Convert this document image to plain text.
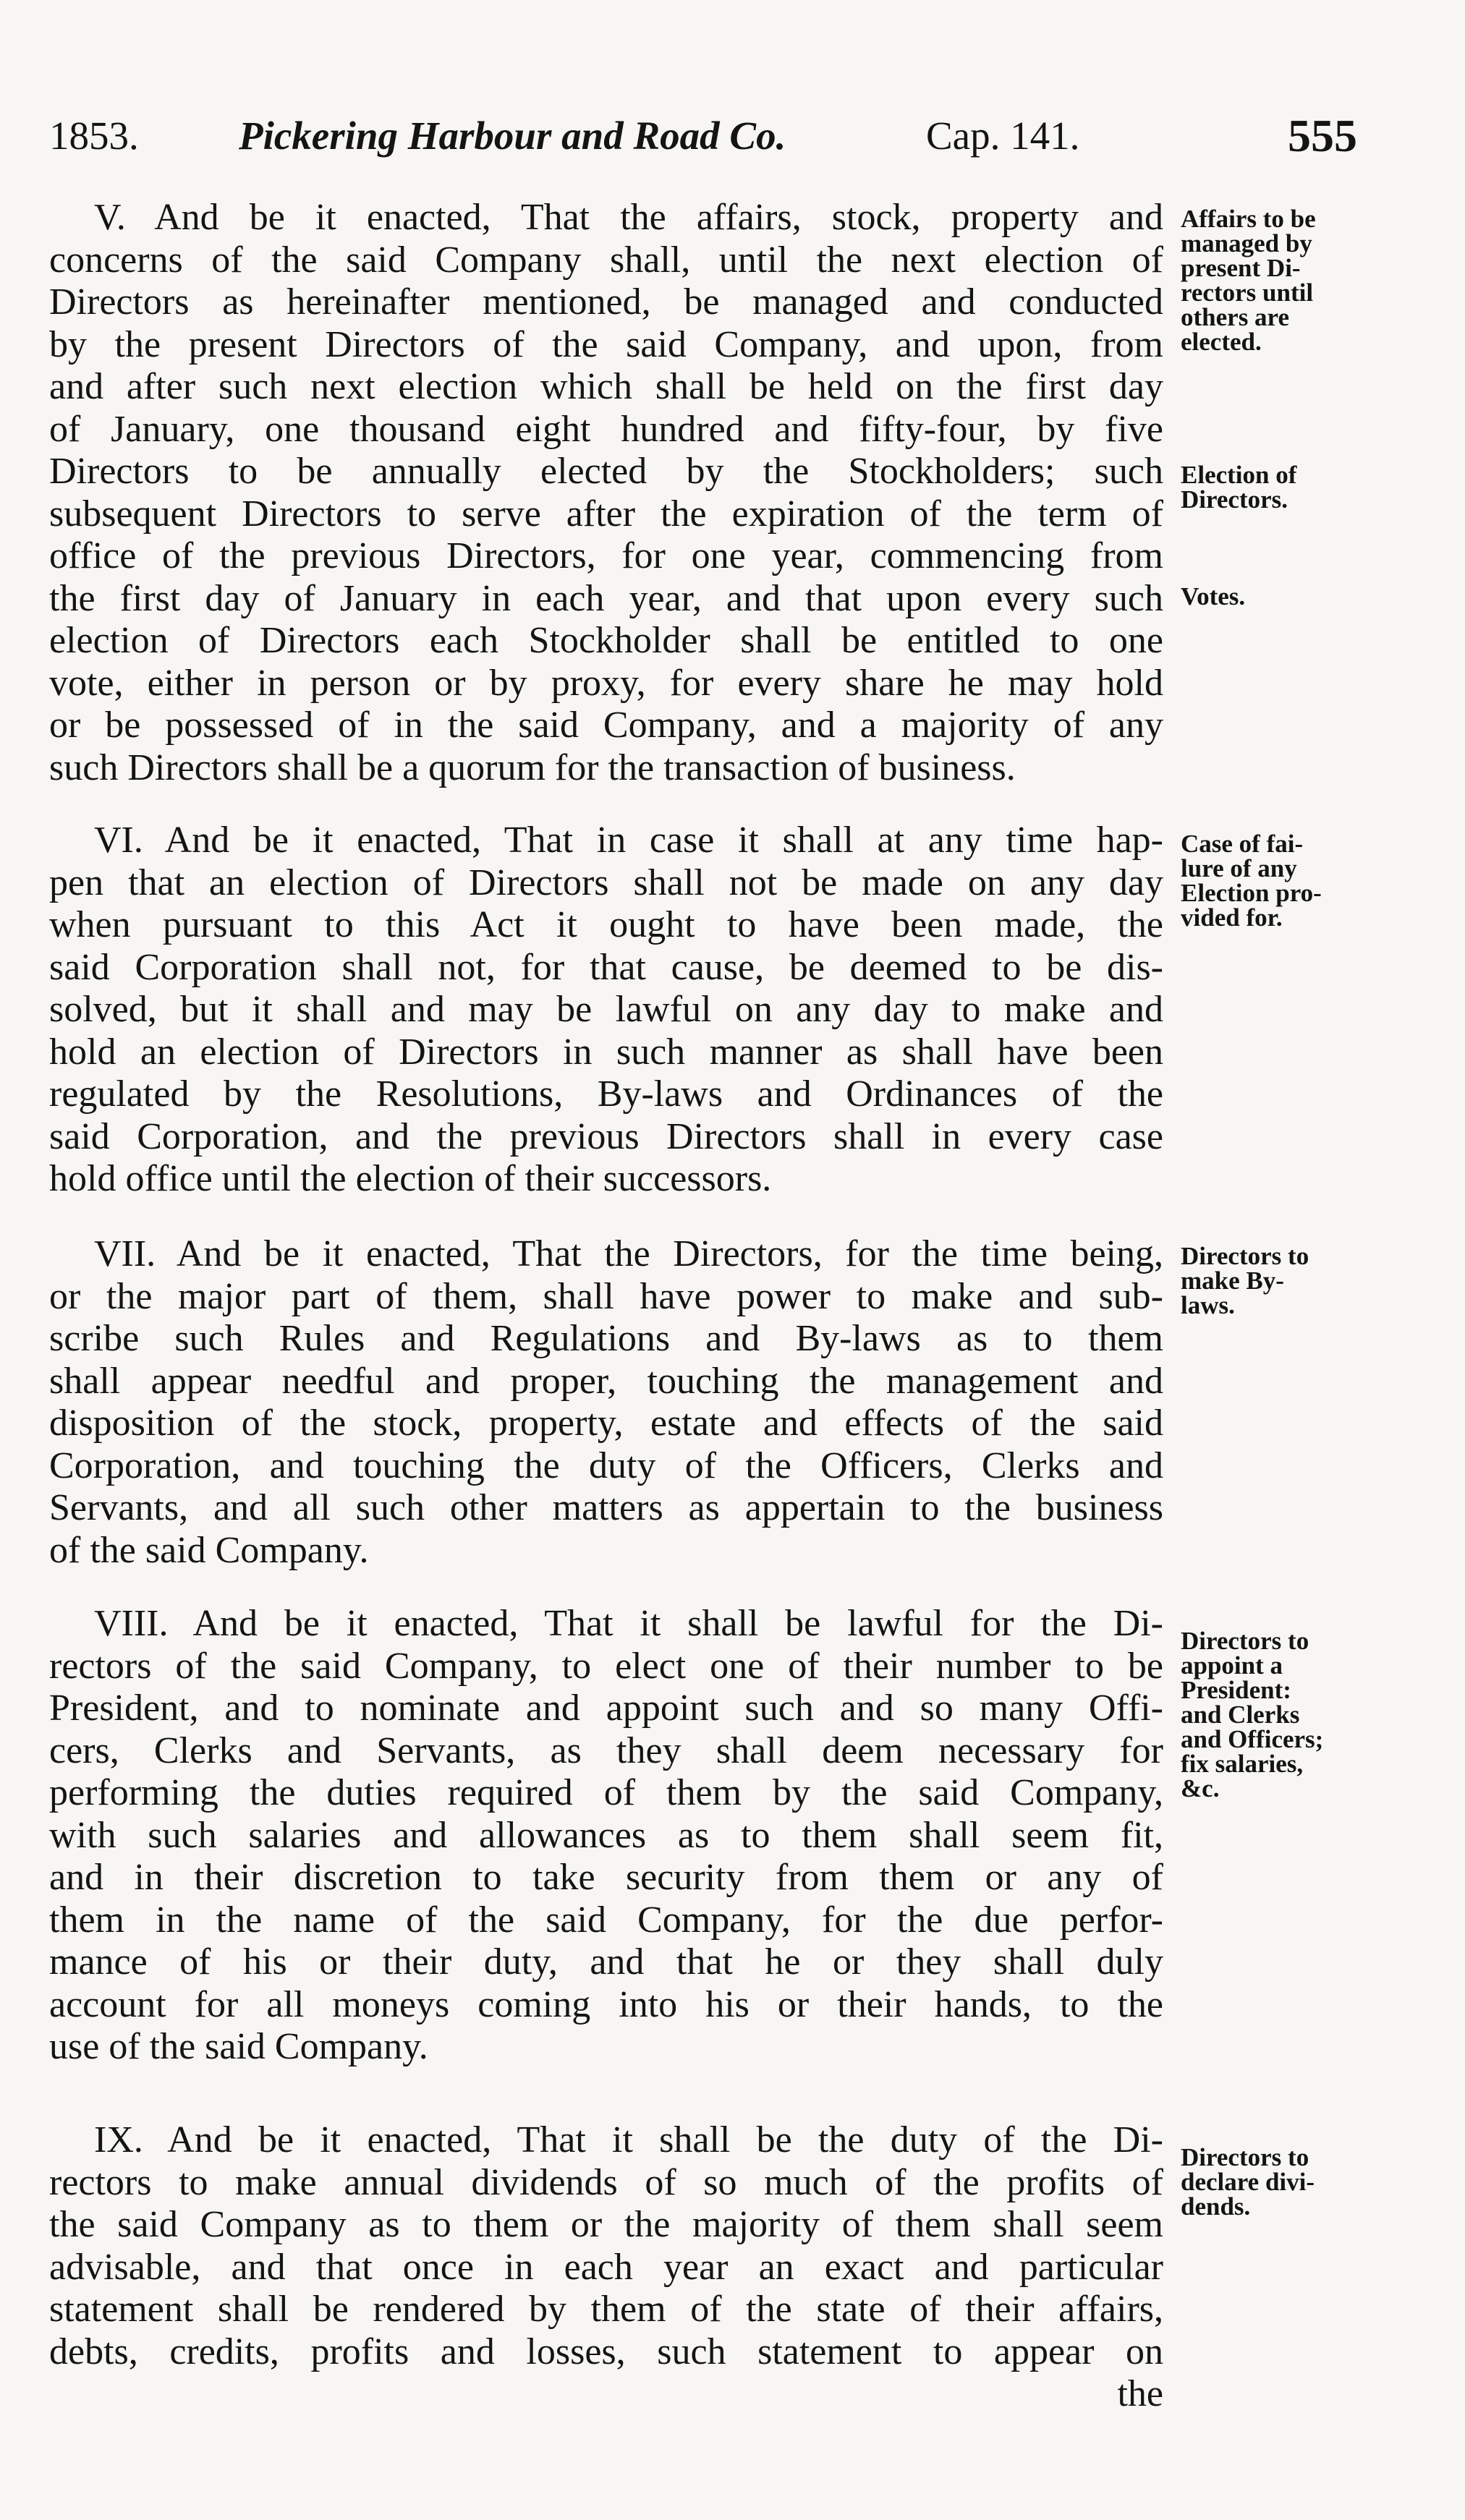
1853.	Pickering Harbour and Road Co.	Cap. 141.	555
V. And be it enacted, That the affairs, stock, property and
concerns of the said Company shall, until the next election of
Directors as hereinafter mentioned, be managed and conducted
by the present Directors of the said Company, and upon, from
and after such next election which shall be held on the first day
of January, one thousand eight hundred and fifty-four, by five
Directors to be annually elected by the Stockholders; such
subsequent Directors to serve after the expiration of the term of
office of the previous Directors, for one year, commencing from
the first day of January in each year, and that upon every such
election of Directors each Stockholder shall be entitled to one
vote, either in person or by proxy, for every share he may hold
or be possessed of in the said Company, and a majority of any
such Directors shall be a quorum for the transaction of business.
Affairs to be
managed by
present Di-
rectors until
others are
elected.
Election of
Directors.
Votes.
VI. And be it enacted, That in case it shall at any time hap-
pen that an election of Directors shall not be made on any day
when pursuant to this Act it ought to have been made, the
said Corporation shall not, for that cause, be deemed to be dis-
solved, but it shall and may be lawful on any day to make and
hold an election of Directors in such manner as shall have been
regulated by the Resolutions, By-laws and Ordinances of the
said Corporation, and the previous Directors shall in every case
hold office until the election of their successors.
Case of fai-
lure of any
Election pro-
vided for.
VII. And be it enacted, That the Directors, for the time being,
or the major part of them, shall have power to make and sub-
scribe such Rules and Regulations and By-laws as to them
shall appear needful and proper, touching the management and
disposition of the stock, property, estate and effects of the said
Corporation, and touching the duty of the Officers, Clerks and
Servants, and all such other matters as appertain to the business
of the said Company.
Directors to
make By-
laws.
VIII. And be it enacted, That it shall be lawful for the Di-
rectors of the said Company, to elect one of their number to be
President, and to nominate and appoint such and so many Offi-
cers, Clerks and Servants, as they shall deem necessary for
performing the duties required of them by the said Company,
with such salaries and allowances as to them shall seem fit,
and in their discretion to take security from them or any of
them in the name of the said Company, for the due perfor-
mance of his or their duty, and that he or they shall duly
account for all moneys coming into his or their hands, to the
use of the said Company.
Directors to
appoint a
President:
and Clerks
and Officers;
fix salaries,
&c.
IX. And be it enacted, That it shall be the duty of the Di-
rectors to make annual dividends of so much of the profits of
the said Company as to them or the majority of them shall seem
advisable, and that once in each year an exact and particular
statement shall be rendered by them of the state of their affairs,
debts, credits, profits and losses, such statement to appear on
the
Directors to
declare divi-
dends.
